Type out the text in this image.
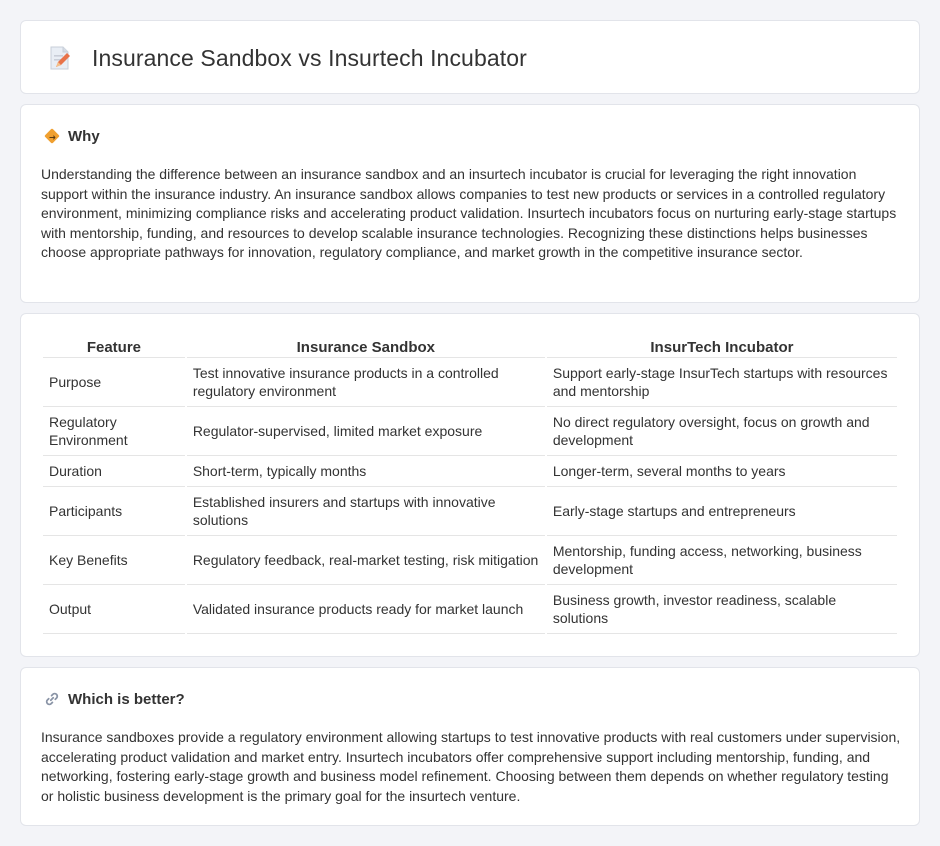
Insurance Sandbox vs Insurtech Incubator
Why

Understanding the difference between an insurance sandbox and an insurtech incubator is crucial for leveraging the right innovation support within the insurance industry. An insurance sandbox allows companies to test new products or services in a controlled regulatory environment, minimizing compliance risks and accelerating product validation. Insurtech incubators focus on nurturing early-stage startups with mentorship, funding, and resources to develop scalable insurance technologies. Recognizing these distinctions helps businesses choose appropriate pathways for innovation, regulatory compliance, and market growth in the competitive insurance sector.

Feature	Insurance Sandbox	InsurTech Incubator
Purpose	Test innovative insurance products in a controlled regulatory environment	Support early-stage InsurTech startups with resources and mentorship
Regulatory Environment	Regulator-supervised, limited market exposure	No direct regulatory oversight, focus on growth and development
Duration	Short-term, typically months	Longer-term, several months to years
Participants	Established insurers and startups with innovative solutions	Early-stage startups and entrepreneurs
Key Benefits	Regulatory feedback, real-market testing, risk mitigation	Mentorship, funding access, networking, business development
Output	Validated insurance products ready for market launch	Business growth, investor readiness, scalable solutions
Which is better?

Insurance sandboxes provide a regulatory environment allowing startups to test innovative products with real customers under supervision, accelerating product validation and market entry. Insurtech incubators offer comprehensive support including mentorship, funding, and networking, fostering early-stage growth and business model refinement. Choosing between them depends on whether regulatory testing or holistic business development is the primary goal for the insurtech venture.
